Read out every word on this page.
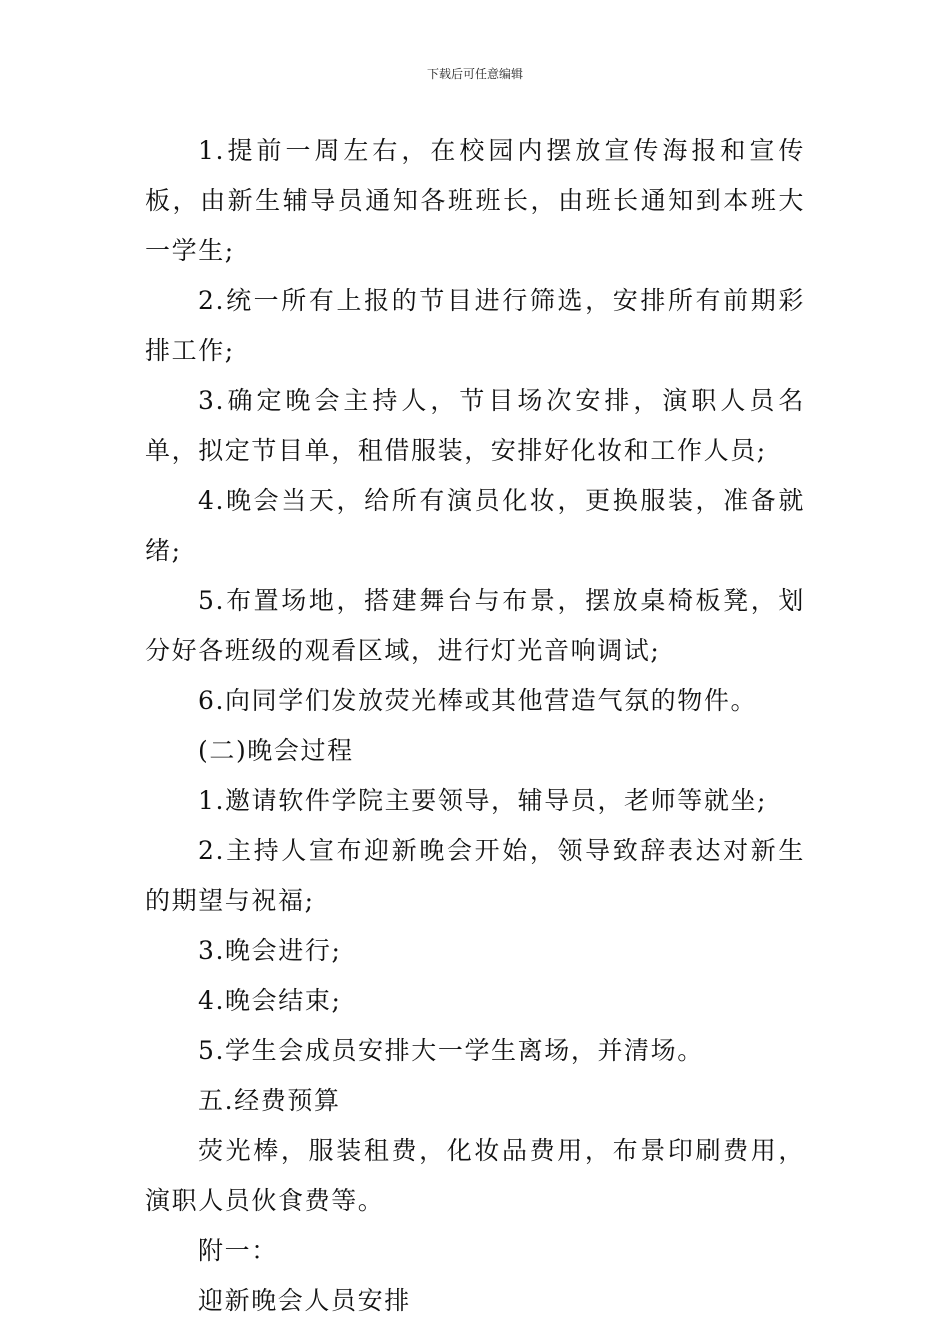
下载后可任意编辑

1.提前一周左右，在校园内摆放宣传海报和宣传板，由新生辅导员通知各班班长，由班长通知到本班大一学生;

2.统一所有上报的节目进行筛选，安排所有前期彩排工作;

3.确定晚会主持人，节目场次安排，演职人员名单，拟定节目单，租借服装，安排好化妆和工作人员;

4.晚会当天，给所有演员化妆，更换服装，准备就绪;

5.布置场地，搭建舞台与布景，摆放桌椅板凳，划分好各班级的观看区域，进行灯光音响调试;

6.向同学们发放荧光棒或其他营造气氛的物件。

(二)晚会过程

1.邀请软件学院主要领导，辅导员，老师等就坐;

2.主持人宣布迎新晚会开始，领导致辞表达对新生的期望与祝福;

3.晚会进行;

4.晚会结束;

5.学生会成员安排大一学生离场，并清场。

五.经费预算

荧光棒，服装租费，化妆品费用，布景印刷费用，演职人员伙食费等。

附一：

迎新晚会人员安排
